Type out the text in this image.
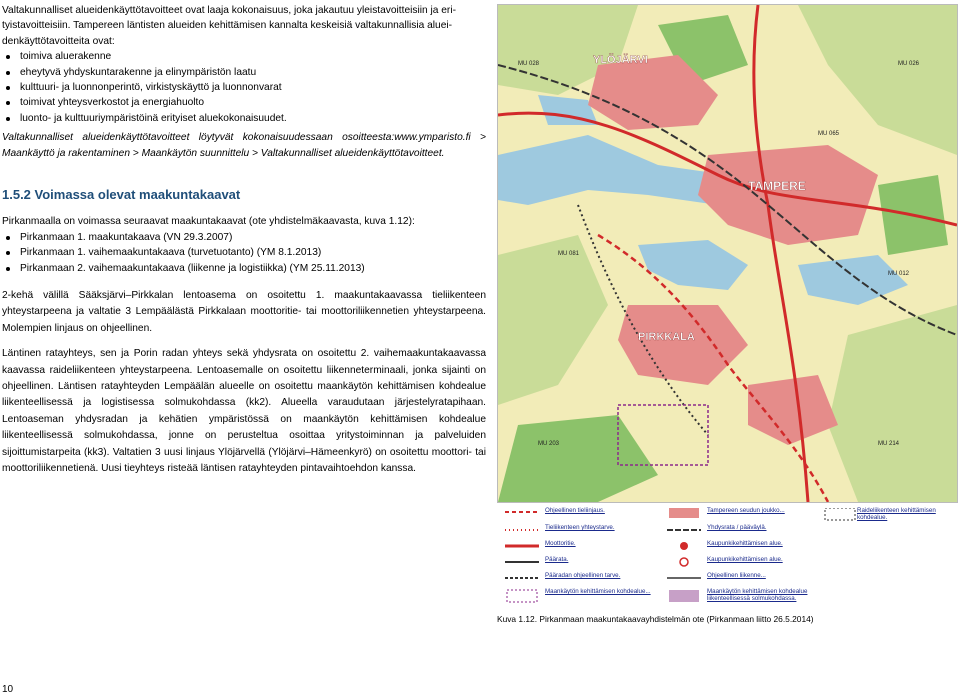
Valtakunnalliset alueidenkäyttötavoitteet ovat laaja kokonaisuus, joka jakautuu yleistavoitteisiin ja eri-

tyistavoitteisiin. Tampereen läntisten alueiden kehittämisen kannalta keskeisiä valtakunnallisia aluei-

denkäyttötavoitteita ovat:

toimiva aluerakenne
eheytyvä yhdyskuntarakenne ja elinympäristön laatu
kulttuuri- ja luonnonperintö, virkistyskäyttö ja luonnonvarat
toimivat yhteysverkostot ja energiahuolto
luonto- ja kulttuuriympäristöinä erityiset aluekokonaisuudet.

Valtakunnalliset alueidenkäyttötavoitteet löytyvät kokonaisuudessaan osoitteesta:www.ymparisto.fi > Maankäyttö ja rakentaminen > Maankäytön suunnittelu > Valtakunnalliset alueidenkäyttötavoitteet.

1.5.2 Voimassa olevat maakuntakaavat

Pirkanmaalla on voimassa seuraavat maakuntakaavat (ote yhdistelmäkaavasta, kuva 1.12):

Pirkanmaan 1. maakuntakaava (VN 29.3.2007)
Pirkanmaan 1. vaihemaakuntakaava (turvetuotanto) (YM 8.1.2013)
Pirkanmaan 2. vaihemaakuntakaava (liikenne ja logistiikka) (YM 25.11.2013)

2-kehä välillä Sääksjärvi–Pirkkalan lentoasema on osoitettu 1. maakuntakaavassa tieliikenteen yhteystarpeena ja valtatie 3 Lempäälästä Pirkkalaan moottoritie- tai moottoriliikennetien yhteystarpeena. Molempien linjaus on ohjeellinen.

Läntinen ratayhteys, sen ja Porin radan yhteys sekä yhdysrata on osoitettu 2. vaihemaakuntakaavassa kaavassa raideliikenteen yhteystarpeena. Lentoasemalle on osoitettu liikenneterminaali, jonka sijainti on ohjeellinen. Läntisen ratayhteyden Lempäälän alueelle on osoitettu maankäytön kehittämisen kohdealue liikenteellisessä ja logistisessa solmukohdassa (kk2). Alueella varaudutaan järjestelyratapihaan. Lentoaseman yhdysradan ja kehätien ympäristössä on maankäytön kehittämisen kohdealue liikenteellisessä solmukohdassa, jonne on perusteltua osoittaa yritystoiminnan ja palveluiden sijoittumistarpeita (kk3). Valtatien 3 uusi linjaus Ylöjärvellä (Ylöjärvi–Hämeenkyrö) on osoitettu moottori- tai moottoriliikennetienä. Uusi tieyhteys risteää läntisen ratayhteyden pintavaihtoehdon kanssa.

YLÖJÄRVI
TAMPERE
PIRKKALA
MU 026
MU 065
MU 028
MU 081
MU 012
MU 203	MU 214
Ohjeellinen tieliinjaus.
Tieliikenteen yhteystarve.
Moottoritie.
Päärata.
Pääradan ohjeellinen tarve.
Maankäytön kehittämisen kohdealue...
Tampereen seudun joukko...
Yhdysrata / pääväylä.
Kaupunkikehittämisen alue.
Kaupunkikehittämisen alue.
Ohjeellinen liikenne...
Maankäytön kehittämisen kohdealue liikenteellisessä solmukohdassa.
Raideliikenteen kehittämisen kohdealue.
Kuva 1.12. Pirkanmaan maakuntakaavayhdistelmän ote (Pirkanmaan liitto 26.5.2014)
10
